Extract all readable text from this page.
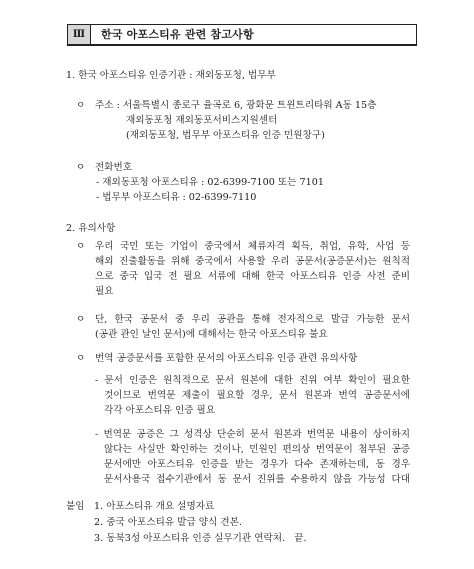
Ⅲ	한국 아포스티유 관련 참고사항
1. 한국 아포스티유 인증기관 : 재외동포청, 법무부
ㅇ 주소 : 서울특별시 종로구 율곡로 6, 광화문 트윈트리타워 A동 15층
재외동포청 재외동포서비스지원센터
(재외동포청, 법무부 아포스티유 인증 민원창구)
ㅇ 전화번호
- 재외동포청 아포스티유 : 02-6399-7100 또는 7101
- 법무부 아포스티유 : 02-6399-7110
2. 유의사항
ㅇ 우리 국민 또는 기업이 중국에서 체류자격 획득, 취업, 유학, 사업 등
해외 진출활동을 위해 중국에서 사용할 우리 공문서(공증문서)는 원칙적
으로 중국 입국 전 필요 서류에 대해 한국 아포스티유 인증 사전 준비
필요
ㅇ 단, 한국 공문서 중 우리 공관을 통해 전자적으로 발급 가능한 문서
(공관 관인 날인 문서)에 대해서는 한국 아포스티유 불요
ㅇ 번역 공증문서를 포함한 문서의 아포스티유 인증 관련 유의사항
- 문서 인증은 원칙적으로 문서 원본에 대한 진위 여부 확인이 필요한
것이므로 번역문 제출이 필요할 경우, 문서 원본과 번역 공증문서에
각각 아포스티유 인증 필요
- 번역문 공증은 그 성격상 단순히 문서 원본과 번역문 내용이 상이하지
않다는 사실만 확인하는 것이나, 민원인 편의상 번역문이 첨부된 공증
문서에만 아포스티유 인증을 받는 경우가 다수 존재하는데, 동 경우
문서사용국 접수기관에서 동 문서 진위를 수용하지 않을 가능성 다대
붙임 1. 아포스티유 개요 설명자료
2. 중국 아포스티유 발급 양식 견본.
3. 동북3성 아포스티유 인증 실무기관 연락처. 끝.
